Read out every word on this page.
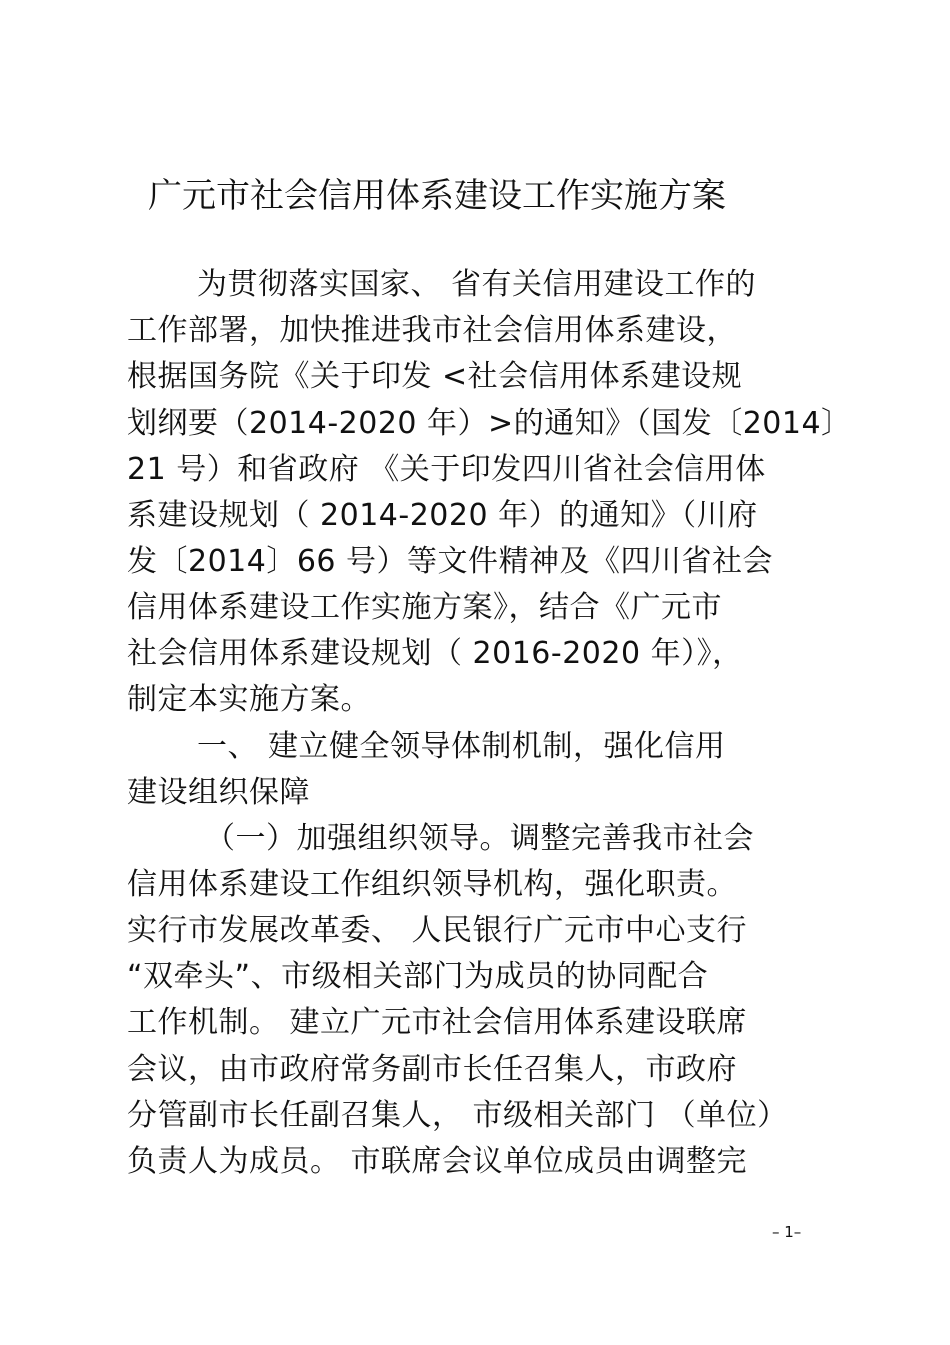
广元市社会信用体系建设工作实施方案
为贯彻落实国家、 省有关信用建设工作的
工作部署，加快推进我市社会信用体系建设，
根据国务院《关于印发 <社会信用体系建设规
划纲要（2014-2020 年）>的通知》（国发〔2014〕
21 号）和省政府 《关于印发四川省社会信用体
系建设规划（ 2014-2020 年）的通知》（川府
发〔2014〕66 号）等文件精神及《四川省社会
信用体系建设工作实施方案》，结合《广元市
社会信用体系建设规划（ 2016-2020 年）》，
制定本实施方案。
一、 建立健全领导体制机制，强化信用
建设组织保障
（一）加强组织领导。调整完善我市社会
信用体系建设工作组织领导机构，强化职责。
实行市发展改革委、 人民银行广元市中心支行
“双牵头”、市级相关部门为成员的协同配合
工作机制。 建立广元市社会信用体系建设联席
会议，由市政府常务副市长任召集人，市政府
分管副市长任副召集人， 市级相关部门 （单位）
负责人为成员。 市联席会议单位成员由调整完
– 1–
